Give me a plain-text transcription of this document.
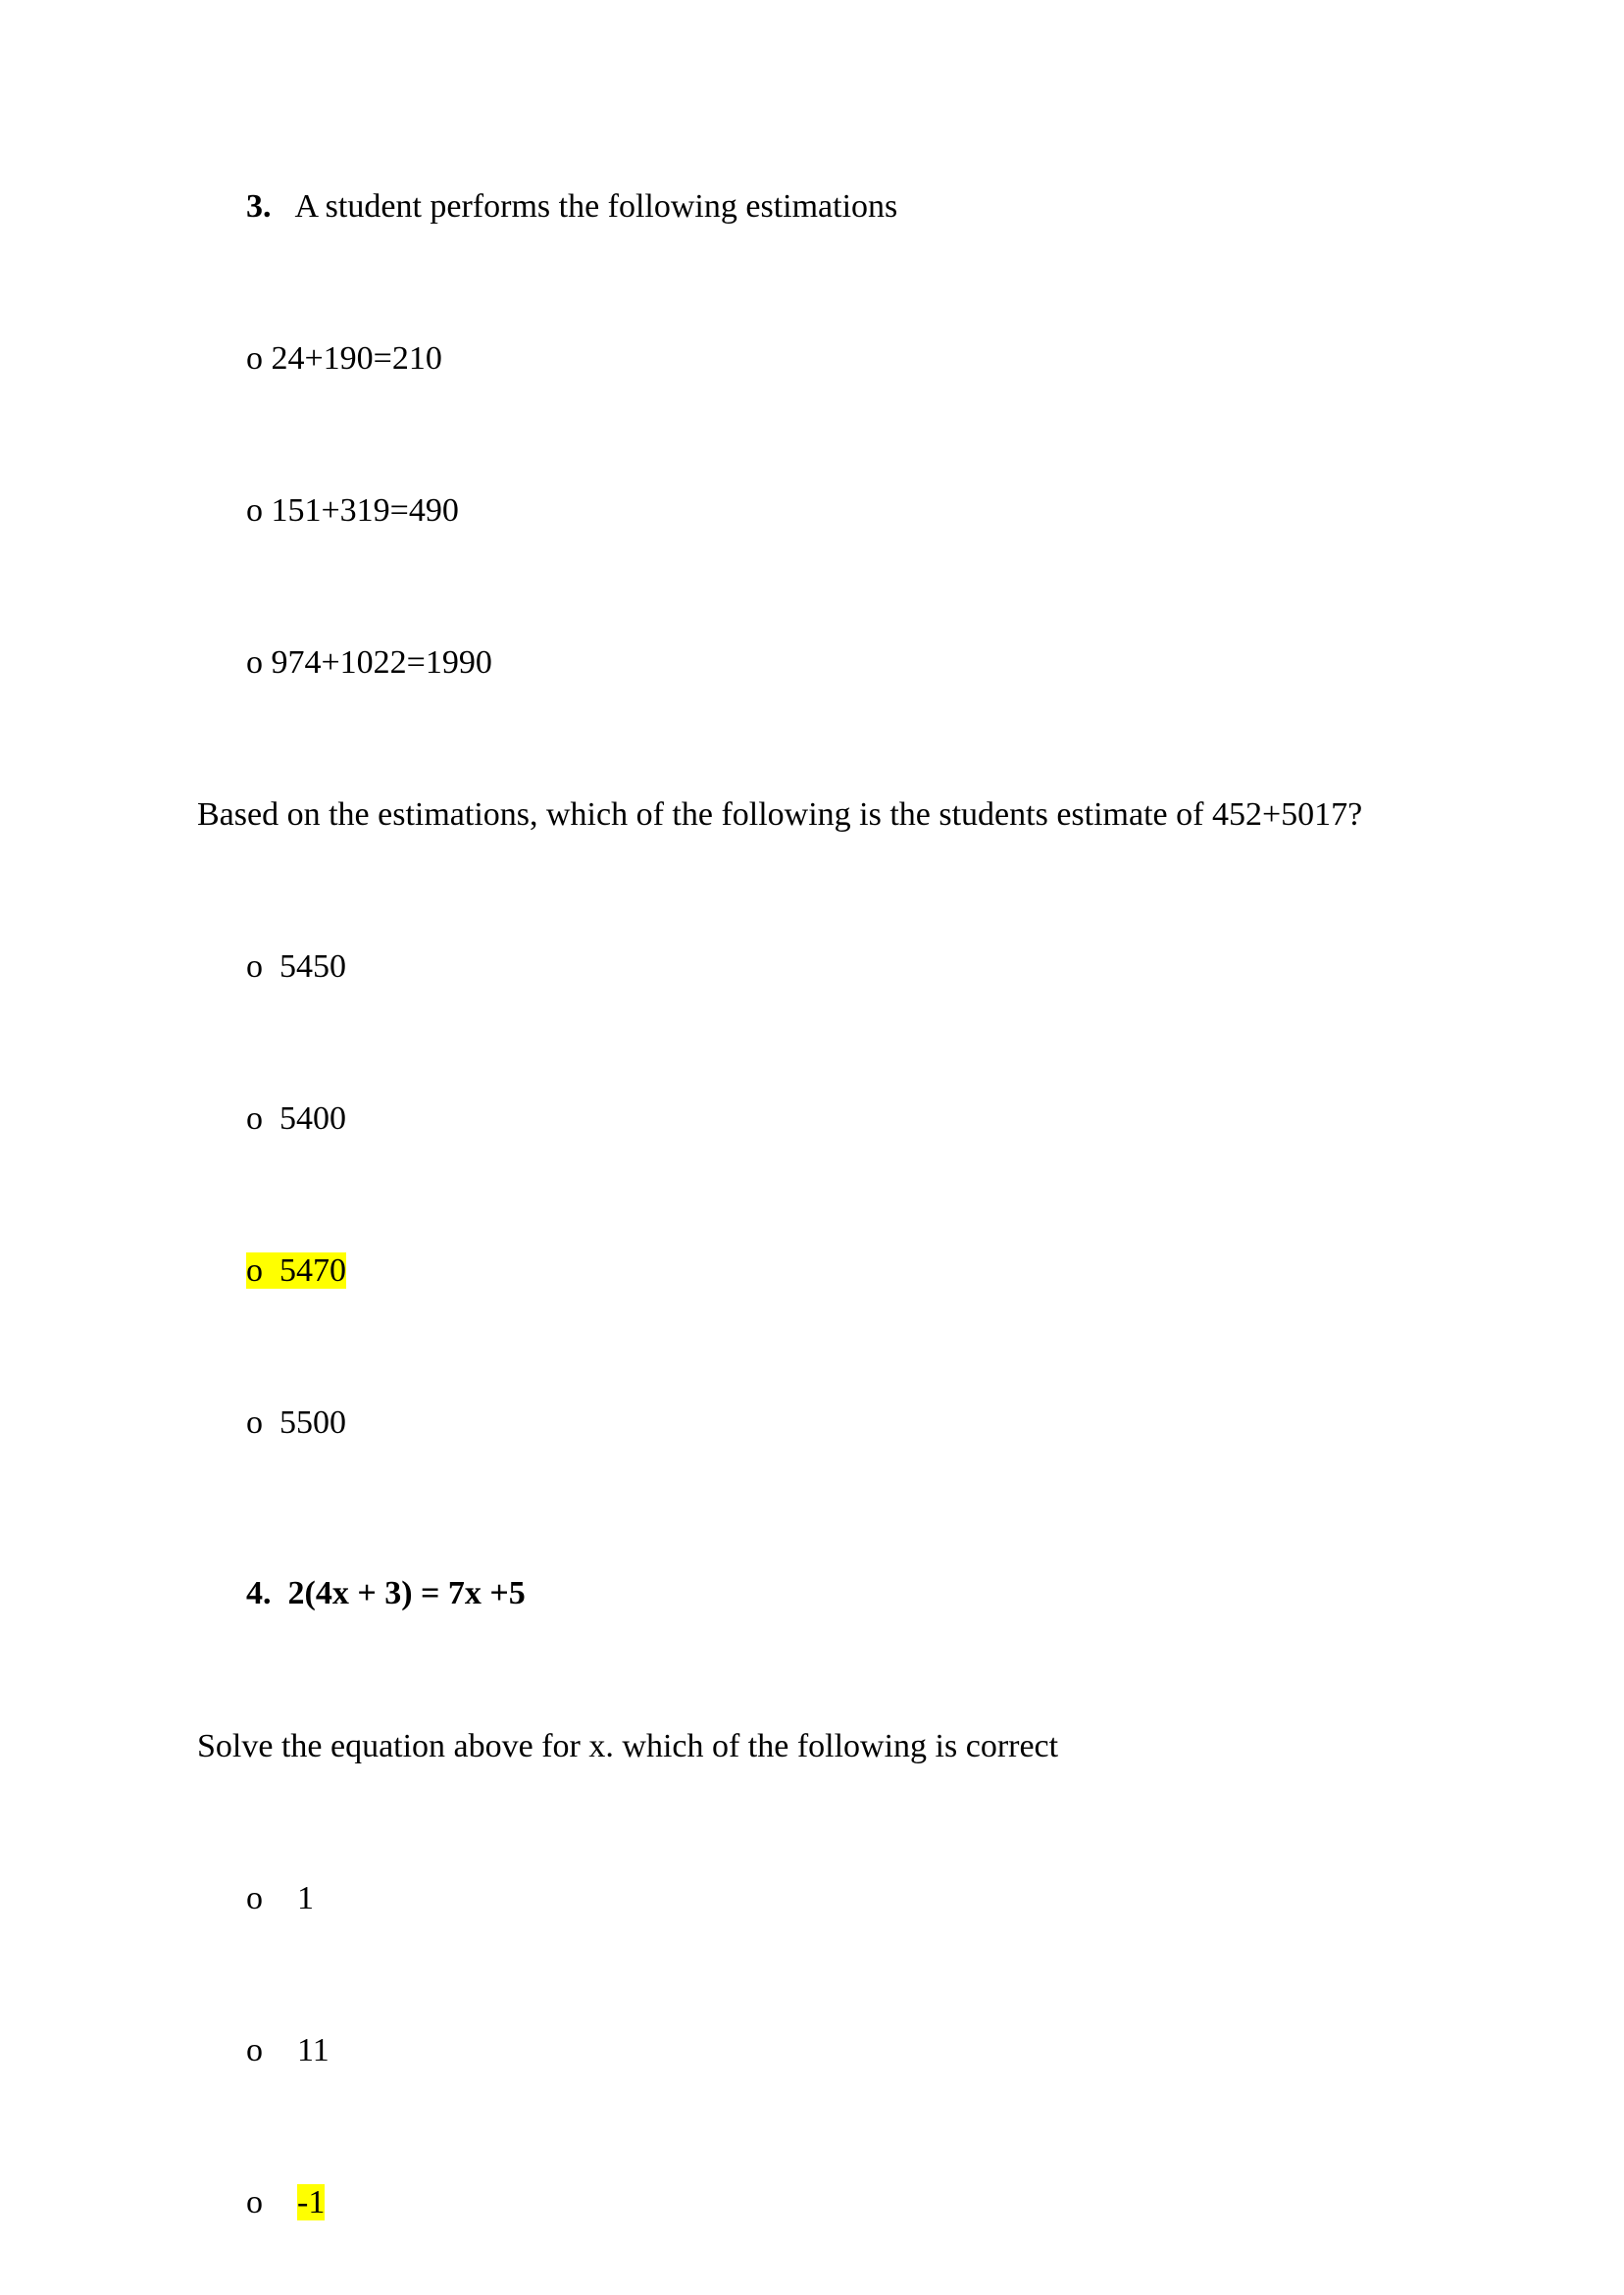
3. A student performs the following estimations
o 24+190=210
o 151+319=490
o 974+1022=1990
Based on the estimations, which of the following is the students estimate of 452+5017?
o 5450
o 5400
o 5470
o 5500
4. 2(4x + 3) = 7x +5
Solve the equation above for x. which of the following is correct
o 1
o 11
o -1
